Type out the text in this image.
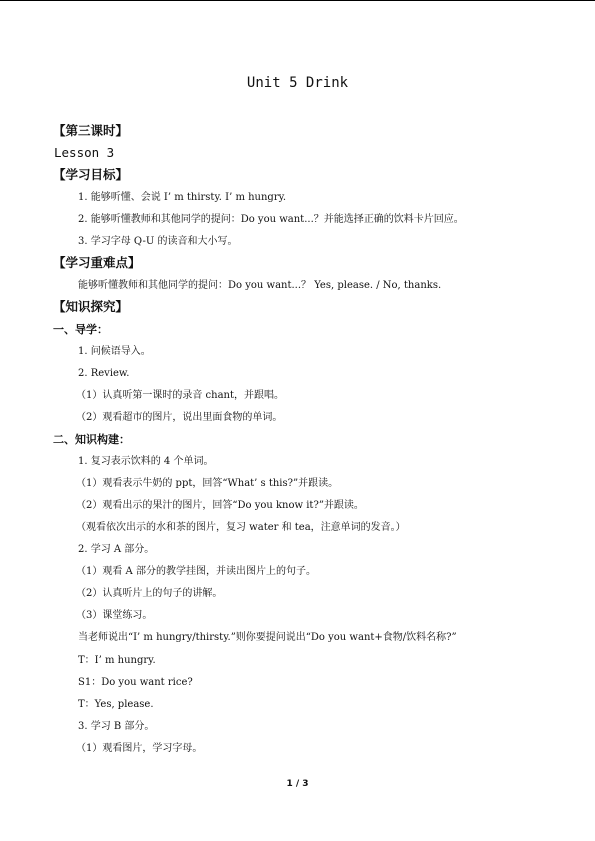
Unit 5 Drink
【第三课时】
Lesson 3
【学习目标】
1. 能够听懂、会说 I’ m thirsty. I’ m hungry.
2. 能够听懂教师和其他同学的提问：Do you want...？并能选择正确的饮料卡片回应。
3. 学习字母 Q-U 的读音和大小写。
【学习重难点】
能够听懂教师和其他同学的提问：Do you want...？ Yes, please. / No, thanks.
【知识探究】
一、导学：
1. 问候语导入。
2. Review.
（1）认真听第一课时的录音 chant，并跟唱。
（2）观看超市的图片，说出里面食物的单词。
二、知识构建：
1. 复习表示饮料的 4 个单词。
（1）观看表示牛奶的 ppt，回答“What’ s this?”并跟读。
（2）观看出示的果汁的图片，回答“Do you know it?”并跟读。
（观看依次出示的水和茶的图片，复习 water 和 tea，注意单词的发音。）
2. 学习 A 部分。
（1）观看 A 部分的教学挂图，并读出图片上的句子。
（2）认真听片上的句子的讲解。
（3）课堂练习。
当老师说出“I’ m hungry/thirsty.”则你要提问说出“Do you want+食物/饮料名称?”
T：I’ m hungry.
S1：Do you want rice?
T：Yes, please.
3. 学习 B 部分。
（1）观看图片，学习字母。
1 / 3
